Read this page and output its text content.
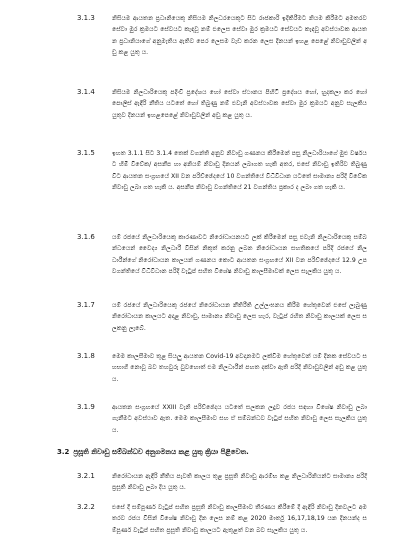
3.1.3	නිසියම ආයතන ප්‍රධානියෙකු නිසියම නිලධරයෙකුට සිට රාජකාරි ඉදිකිරීමට නියම කිරීමට අමතරව සේවා මුර ක්‍රමයට සේවයට කැඳවූ නම් එලෙස සේවා මුර ක්‍රමයට සේවයට කැඳවූ අවස්ථාවක ආයතන ප්‍රධානියාගේ අනුමැතිය ඇතිව පෙර ලෙසම වැඩ කරන ලෙස දීනයන් ඉහළ පෙළේ නිවාඩුවලින් අඩු කළ යුතු ය.
3.1.4	නිසියම නිලධාරියෙකු පදිංචි ප්‍රදේශය හෝ සේවා ස්ථානය පිහිටි ප්‍රදේශය හෝ, හුදකලා කර හෝ පොලිස් ඇඳිරි නීතිය යටතේ හෝ තිබුණු නම් එවැනි අවස්ථාවක සේවා මුර ක්‍රමයට අනුව සැලකිය යුතුව දිනයන් ඉහළපෙළේ නිවාඩුවලින් අඩු කළ යුතු ය.
3.1.5	ඉහත 3.1.1 සිට 3.1.4 තෙක් වගන්ති අනුව නිවාඩු ගණනය කිරීමෙන් පසු නිලධාරියාගේ මුළු වර්ෂයට හිමි විවේක/ අසනීප හා අනියම් නිවාඩු දිනයන් ලබාගත හැකි අතර, එසේ නිවාඩු ඉතිරිව තිබුණු විට ආයතන සංග්‍රහයේ XII වන පරිච්ඡේදයේ 10 වගන්තියේ විධිවිධාන යටතේ සාමාන්‍ය පරිදි විවේක නිවාඩු ලබා ගත හැකි ය. අසනීප නිවාඩු වගන්තියේ 21 වගන්තිය ප්‍රකාර ද ලබා ගත හැකි ය.
3.1.6	යම් රජයේ නිලධාරියෙකු කාරණාවට නිරෝධායනයට ලක් කිරීමෙන් පසු එවැනි නිලධාරියෙකු සම්බන්ධයෙන් වෛද්‍ය නිලධාරී විසින් නිකුත් කරනු ලබන නිරෝධායන සහතිකයේ පරිදි රජයේ නිලධාරීන්ගේ නිරෝධායන කාලයන් ගණනය කොට ආයතන සංග්‍රහයේ XII වන පරිච්ඡේදයේ 12.9 උප වගන්තියේ විධිවිධාන පරිදි වැටුප් සහිත විශේෂ නිවාඩු කාලසීමාවක් ලෙස සැලකිය යුතු ය.
3.1.7	යම් රජයේ නිලධාරියෙකු රජයේ නිරෝධායන නීතිරීති උල්ලංඝනය කිරීම හේතුවෙන් එසේ ලැබුණු නිරෝධායන කාලයට අදාළ නිවාඩු, සාමාන්‍ය නිවාඩු ලෙස හැර, වැටුප් රහිත නිවාඩු කාලයක් ලෙස සලකනු ලැබේ.
3.1.8	මෙම කාලසීමාව තුළ සියලු ආයතන Covid-19 අවදානමට ලක්වීම හේතුවෙන් යම් දිනක සේවයට සහභාගි නොවූ බව තහවුරු වුවහොත් එම නිලධාරීන් පහත දක්වා ඇති පරිදි නිවාඩුවලින් අඩු කළ යුතු ය.
3.1.9	ආයතන සංග්‍රහයේ XXIII වැනි පරිච්ඡේදය යටතේ සලකන ලදුව රජය සඳහා විශේෂ නිවාඩු ලබා ගැනීමට අවස්ථාව ඇත. මෙම කාලසීමාව සහ ඒ සම්බන්ධව වැටුප් සහිත නිවාඩු ලෙස සැලකිය යුතු ය.
3.2 ප්‍රසූති නිවාඩු සම්බන්ධව අනුගමනය කළ යුතු ක්‍රියා පිළිවෙත.
3.2.1	නිරෝධායන ඇඳිරි නීතිය පැවති කාලය තුළ ප්‍රසූති නිවාඩු ආරම්භ කළ නිලධාරිනියන්ට සාමාන්‍ය පරිදි ප්‍රසූති නිවාඩු ලබා දිය යුතු ය.
3.2.2	එසේ දී සම්පූර්ණ වැටුප් සහිත ප්‍රසූති නිවාඩු කාලසීමාව තීරණය කිරීමේ දී ඇඳිරි නිවාඩු දිනවලට අමතරව රජය විසින් විශේෂ නිවාඩු දින ලෙස නම් කළ 2020 මාර්තු 16,17,18,19 යන දිනයන්ද සම්පූර්ණ වැටුප් සහිත ප්‍රසූති නිවාඩු කාලයට ඇතුළත් වන බව සැලකිය යුතු ය.
